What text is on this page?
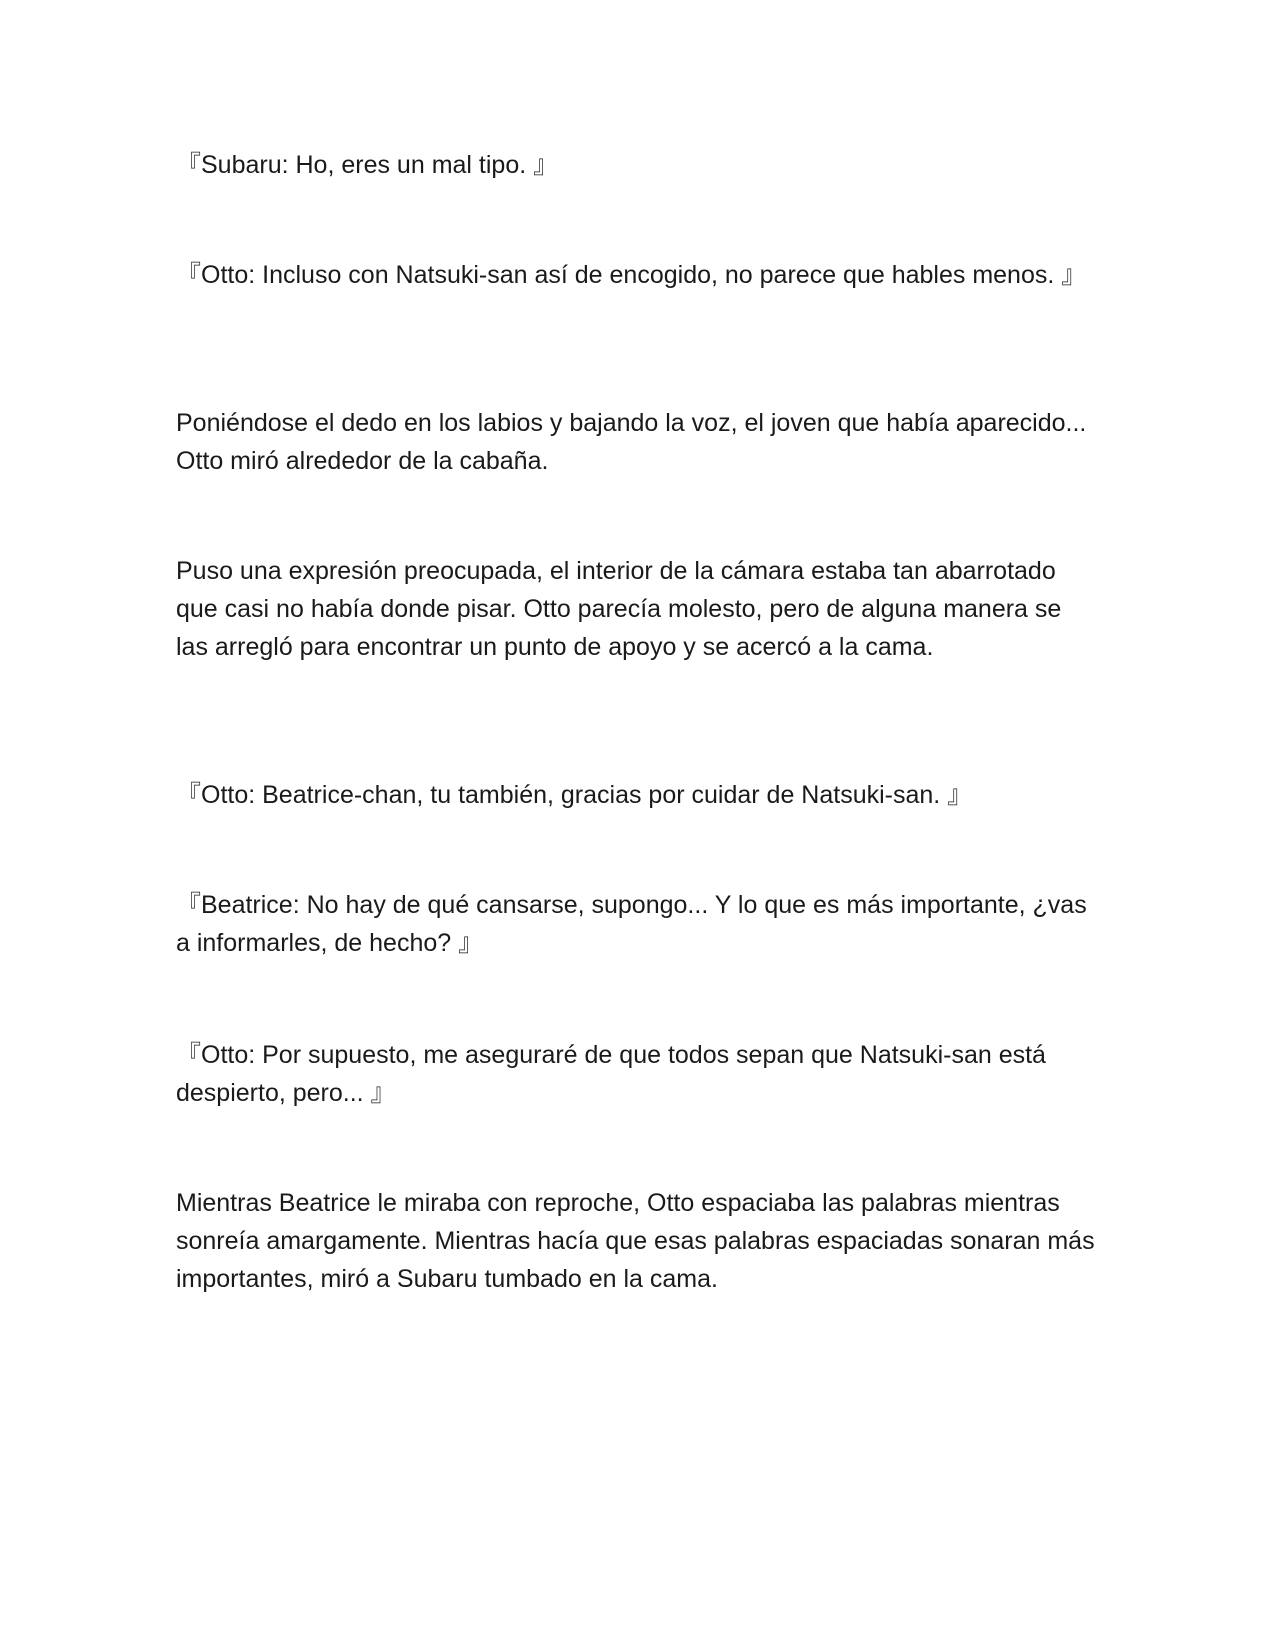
『Subaru: Ho, eres un mal tipo. 』

『Otto: Incluso con Natsuki-san así de encogido, no parece que hables menos. 』

Poniéndose el dedo en los labios y bajando la voz, el joven que había aparecido... Otto miró alrededor de la cabaña.

Puso una expresión preocupada, el interior de la cámara estaba tan abarrotado que casi no había donde pisar. Otto parecía molesto, pero de alguna manera se las arregló para encontrar un punto de apoyo y se acercó a la cama.

『Otto: Beatrice-chan, tu también, gracias por cuidar de Natsuki-san. 』

『Beatrice: No hay de qué cansarse, supongo... Y lo que es más importante, ¿vas a informarles, de hecho? 』

『Otto: Por supuesto, me aseguraré de que todos sepan que Natsuki-san está despierto, pero... 』

Mientras Beatrice le miraba con reproche, Otto espaciaba las palabras mientras sonreía amargamente. Mientras hacía que esas palabras espaciadas sonaran más importantes, miró a Subaru tumbado en la cama.
